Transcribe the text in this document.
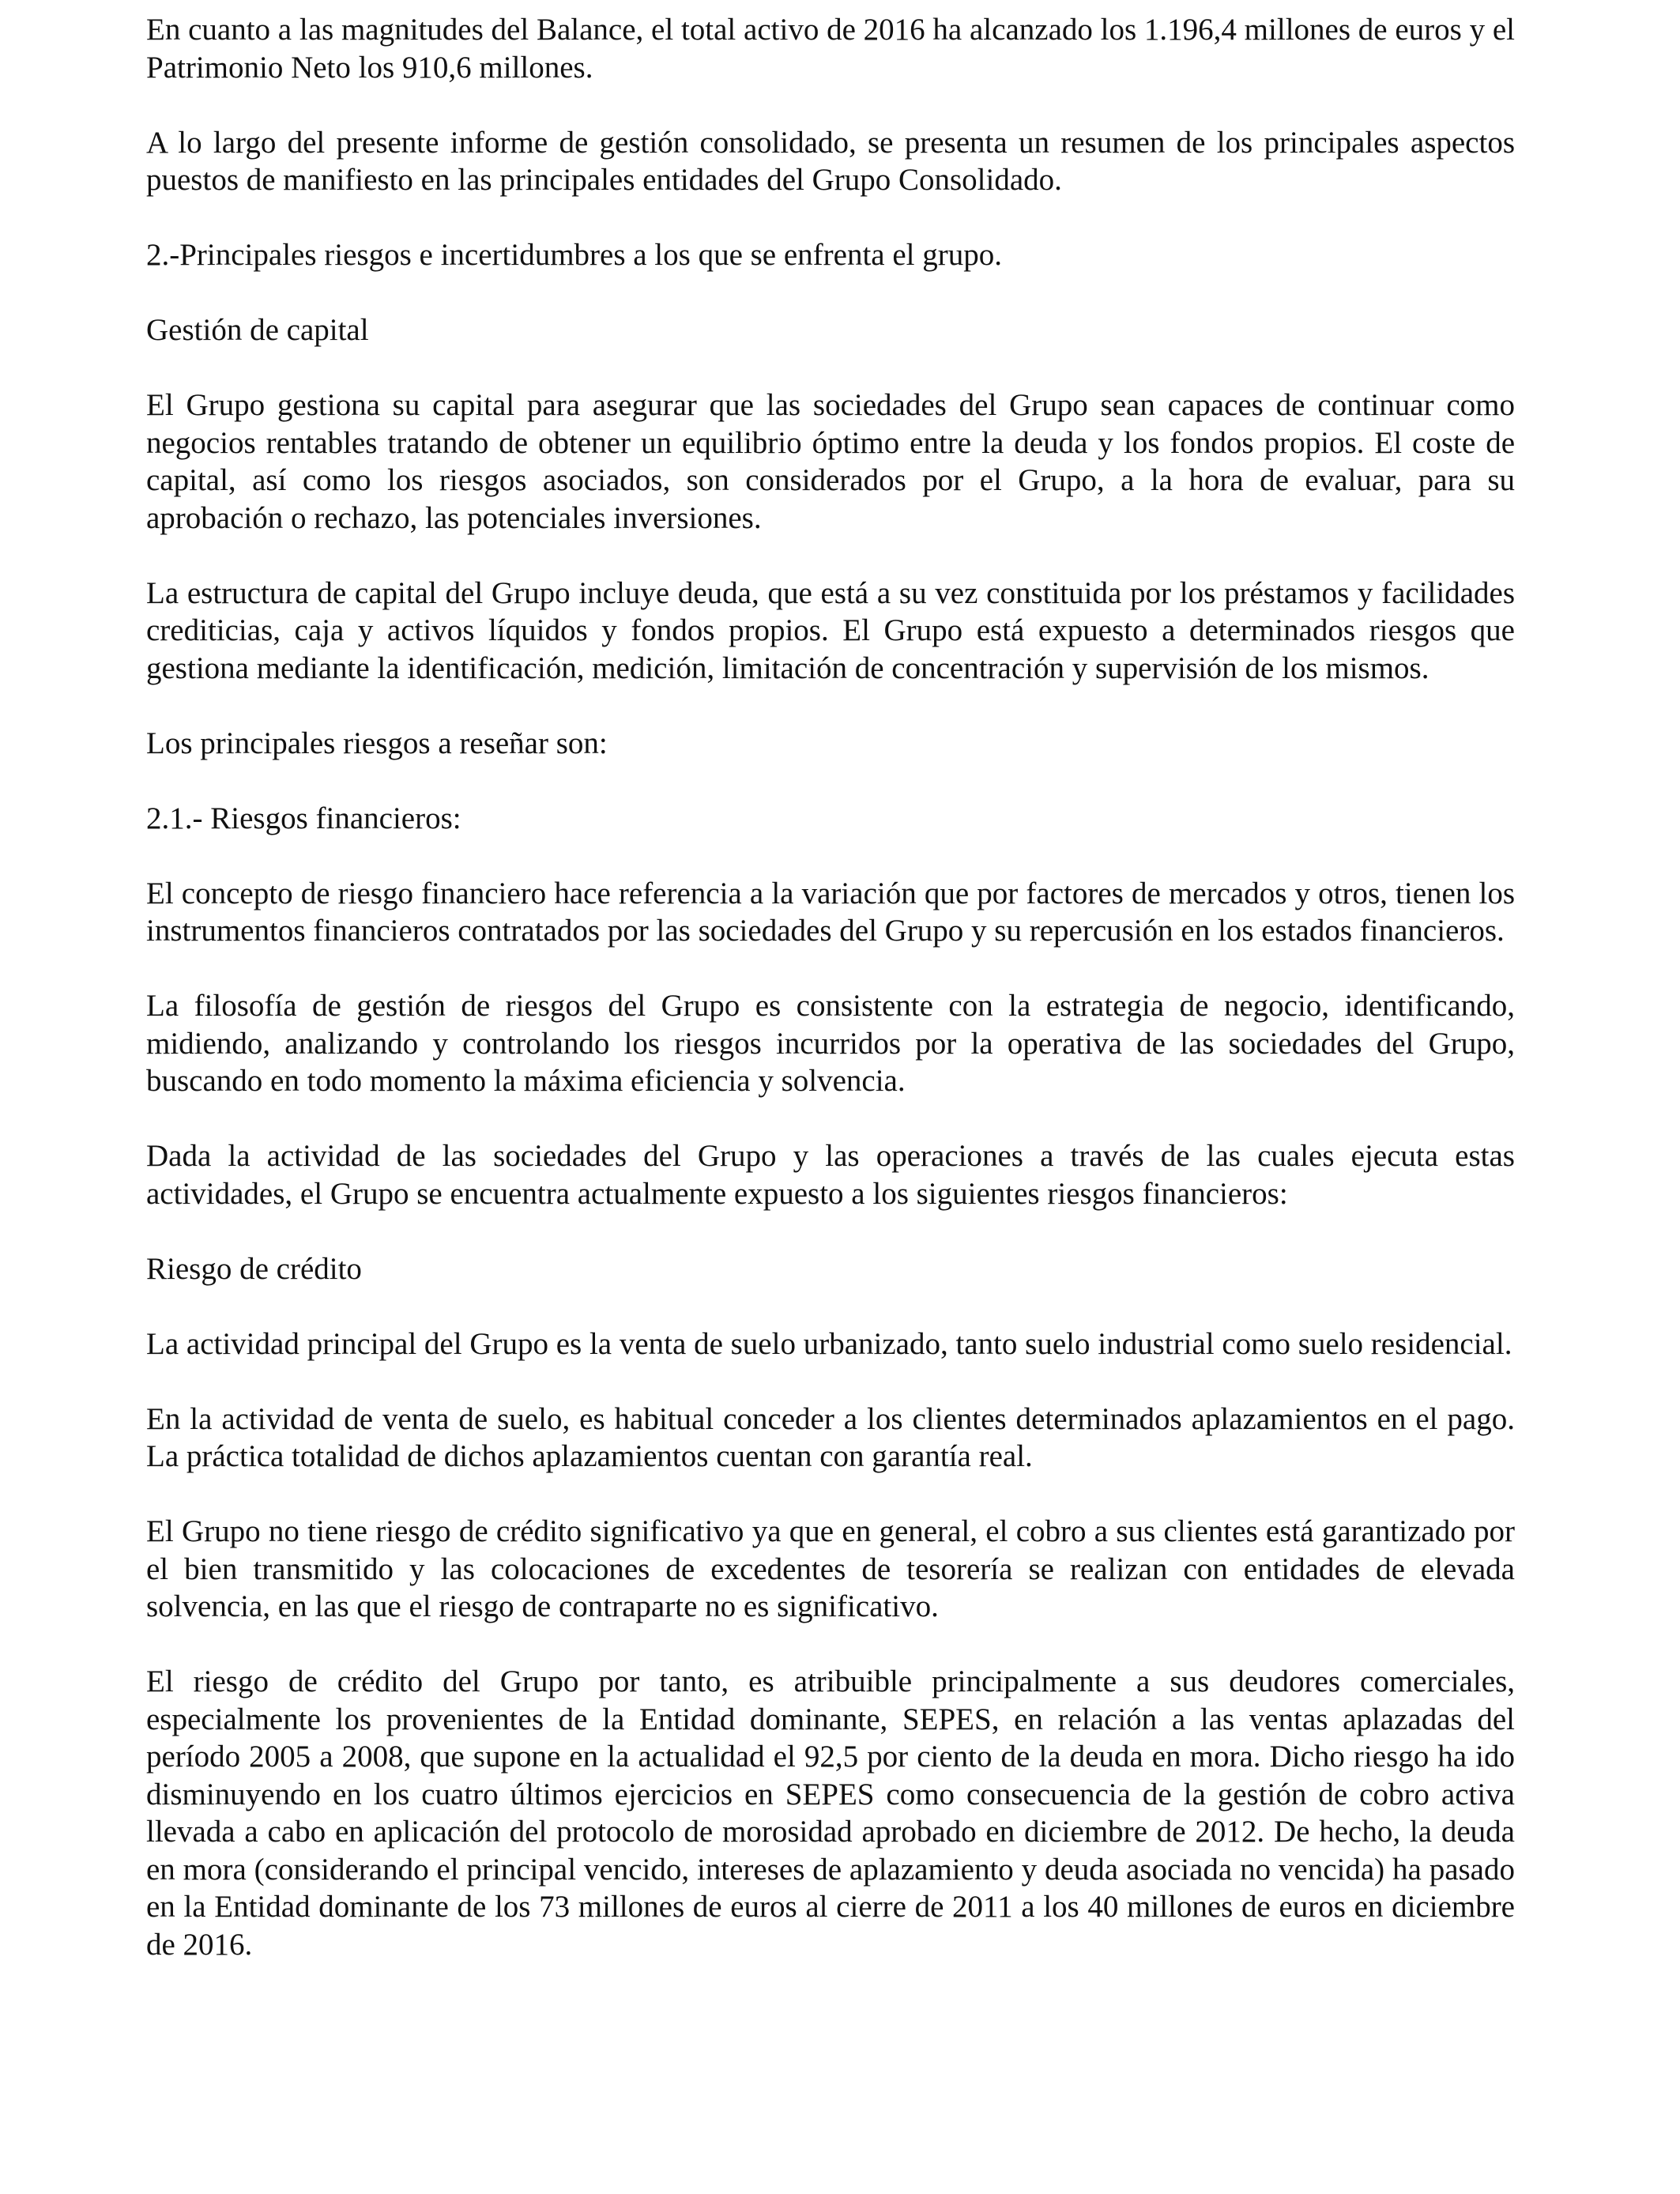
En cuanto a las magnitudes del Balance, el total activo de 2016 ha alcanzado los 1.196,4 millones de euros y el Patrimonio Neto los 910,6 millones.

A lo largo del presente informe de gestión consolidado, se presenta un resumen de los principales aspectos puestos de manifiesto en las principales entidades del Grupo Consolidado.

2.-Principales riesgos e incertidumbres a los que se enfrenta el grupo.

Gestión de capital

El Grupo gestiona su capital para asegurar que las sociedades del Grupo sean capaces de continuar como negocios rentables tratando de obtener un equilibrio óptimo entre la deuda y los fondos propios. El coste de capital, así como los riesgos asociados, son considerados por el Grupo, a la hora de evaluar, para su aprobación o rechazo, las potenciales inversiones.

La estructura de capital del Grupo incluye deuda, que está a su vez constituida por los préstamos y facilidades crediticias, caja y activos líquidos y fondos propios. El Grupo está expuesto a determinados riesgos que gestiona mediante la identificación, medición, limitación de concentración y supervisión de los mismos.

Los principales riesgos a reseñar son:

2.1.- Riesgos financieros:

El concepto de riesgo financiero hace referencia a la variación que por factores de mercados y otros, tienen los instrumentos financieros contratados por las sociedades del Grupo y su repercusión en los estados financieros.

La filosofía de gestión de riesgos del Grupo es consistente con la estrategia de negocio, identificando, midiendo, analizando y controlando los riesgos incurridos por la operativa de las sociedades del Grupo, buscando en todo momento la máxima eficiencia y solvencia.

Dada la actividad de las sociedades del Grupo y las operaciones a través de las cuales ejecuta estas actividades, el Grupo se encuentra actualmente expuesto a los siguientes riesgos financieros:

Riesgo de crédito

La actividad principal del Grupo es la venta de suelo urbanizado, tanto suelo industrial como suelo residencial.

En la actividad de venta de suelo, es habitual conceder a los clientes determinados aplazamientos en el pago. La práctica totalidad de dichos aplazamientos cuentan con garantía real.

El Grupo no tiene riesgo de crédito significativo ya que en general, el cobro a sus clientes está garantizado por el bien transmitido y las colocaciones de excedentes de tesorería se realizan con entidades de elevada solvencia, en las que el riesgo de contraparte no es significativo.

El riesgo de crédito del Grupo por tanto, es atribuible principalmente a sus deudores comerciales, especialmente los provenientes de la Entidad dominante, SEPES, en relación a las ventas aplazadas del período 2005 a 2008, que supone en la actualidad el 92,5 por ciento de la deuda en mora. Dicho riesgo ha ido disminuyendo en los cuatro últimos ejercicios en SEPES como consecuencia de la gestión de cobro activa llevada a cabo en aplicación del protocolo de morosidad aprobado en diciembre de 2012. De hecho, la deuda en mora (considerando el principal vencido, intereses de aplazamiento y deuda asociada no vencida) ha pasado en la Entidad dominante de los 73 millones de euros al cierre de 2011 a los 40 millones de euros en diciembre de 2016.
